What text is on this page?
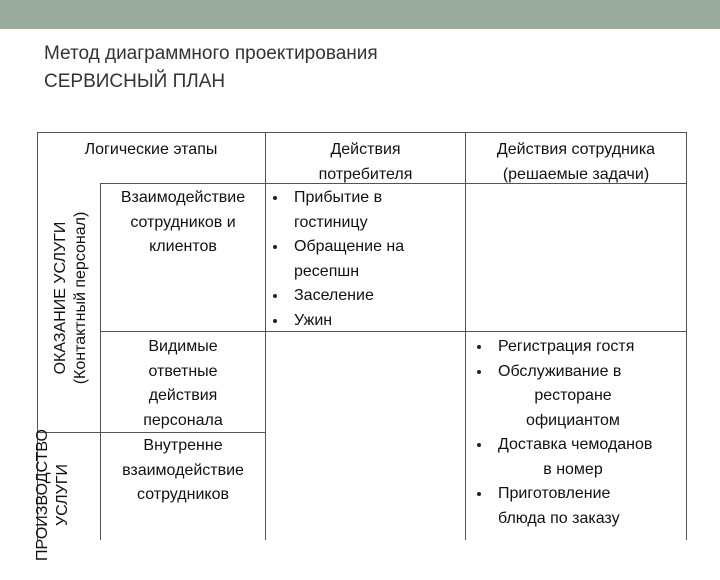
Метод диаграммного проектирования
СЕРВИСНЫЙ ПЛАН
Логические этапы	Действия
потребителя
Действия сотрудника
(решаемые задачи)
ОКАЗАНИЕ УСЛУГИ (Контактный персонал)
ПРОИЗВОДСТВО УСЛУГИ
Взаимодействие
сотрудников и
клиентов
Видимые
ответные
действия
персонала
Внутренне
взаимодействие
сотрудников
Прибытие в
гостиницу
Обращение на
ресепшн
Заселение
Ужин
Регистрация гостя
Обслуживание в
ресторане
официантом
Доставка чемоданов
в номер
Приготовление
блюда по заказу
